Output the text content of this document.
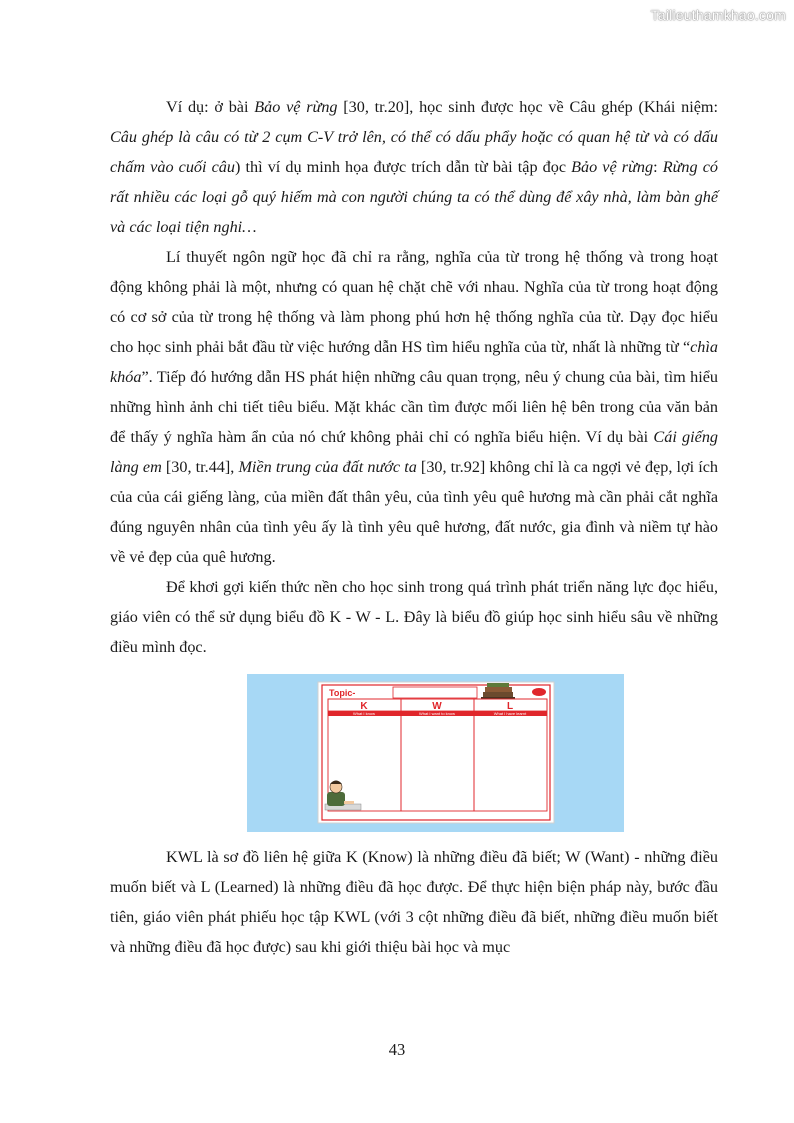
Tailieuthamkhao.com

Ví dụ: ở bài Bảo vệ rừng [30, tr.20], học sinh được học về Câu ghép (Khái niệm: Câu ghép là câu có từ 2 cụm C-V trở lên, có thể có dấu phẩy hoặc có quan hệ từ và có dấu chấm vào cuối câu) thì ví dụ minh họa được trích dẫn từ bài tập đọc Bảo vệ rừng: Rừng có rất nhiều các loại gỗ quý hiếm mà con người chúng ta có thể dùng để xây nhà, làm bàn ghế và các loại tiện nghi…

Lí thuyết ngôn ngữ học đã chỉ ra rằng, nghĩa của từ trong hệ thống và trong hoạt động không phải là một, nhưng có quan hệ chặt chẽ với nhau. Nghĩa của từ trong hoạt động có cơ sở của từ trong hệ thống và làm phong phú hơn hệ thống nghĩa của từ. Dạy đọc hiểu cho học sinh phải bắt đầu từ việc hướng dẫn HS tìm hiểu nghĩa của từ, nhất là những từ “chìa khóa”. Tiếp đó hướng dẫn HS phát hiện những câu quan trọng, nêu ý chung của bài, tìm hiểu những hình ảnh chi tiết tiêu biểu. Mặt khác cần tìm được mối liên hệ bên trong của văn bản để thấy ý nghĩa hàm ẩn của nó chứ không phải chỉ có nghĩa biểu hiện. Ví dụ bài Cái giếng làng em [30, tr.44], Miền trung của đất nước ta [30, tr.92] không chỉ là ca ngợi vẻ đẹp, lợi ích của của cái giếng làng, của miền đất thân yêu, của tình yêu quê hương mà cần phải cắt nghĩa đúng nguyên nhân của tình yêu ấy là tình yêu quê hương, đất nước, gia đình và niềm tự hào về vẻ đẹp của quê hương.

Để khơi gợi kiến thức nền cho học sinh trong quá trình phát triển năng lực đọc hiểu, giáo viên có thể sử dụng biểu đồ K - W - L. Đây là biểu đồ giúp học sinh hiểu sâu về những điều mình đọc.

Topic-
K	W	L
What I know	What I want to know	What I have learnt

KWL là sơ đồ liên hệ giữa K (Know) là những điều đã biết; W (Want) - những điều muốn biết và L (Learned) là những điều đã học được. Để thực hiện biện pháp này, bước đầu tiên, giáo viên phát phiếu học tập KWL (với 3 cột những điều đã biết, những điều muốn biết và những điều đã học được) sau khi giới thiệu bài học và mục

43
